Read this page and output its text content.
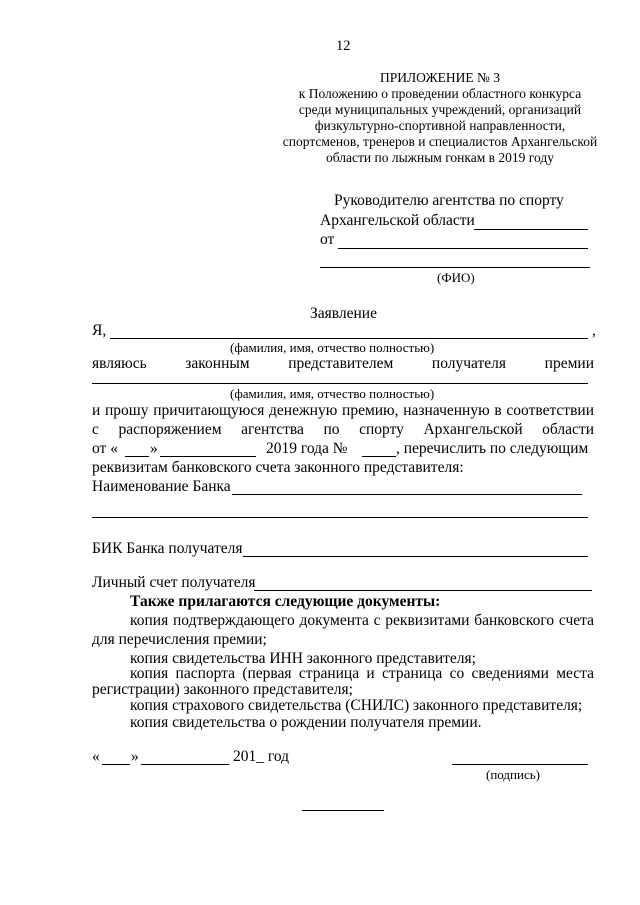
12
ПРИЛОЖЕНИЕ № 3
к Положению о проведении областного конкурса
среди муниципальных учреждений, организаций
физкультурно-спортивной направленности,
спортсменов, тренеров и специалистов Архангельской
области по лыжным гонкам в 2019 году
Руководителю агентства по спорту
Архангельской области
от
(ФИО)
Заявление
Я,	,
(фамилия, имя, отчество полностью)
являюсь законным представителем получателя премии
(фамилия, имя, отчество полностью)
и прошу причитающуюся денежную премию, назначенную в соответствии
с распоряжением агентства по спорту Архангельской области
от « »	2019 года №	, перечислить по следующим
реквизитам банковского счета законного представителя:
Наименование Банка
БИК Банка получателя
Личный счет получателя
Также прилагаются следующие документы:
копия подтверждающего документа с реквизитами банковского счета
для перечисления премии;
копия свидетельства ИНН законного представителя;
копия паспорта (первая страница и страница со сведениями места
регистрации) законного представителя;
копия страхового свидетельства (СНИЛС) законного представителя;
копия свидетельства о рождении получателя премии.
« »	201_ год
(подпись)
